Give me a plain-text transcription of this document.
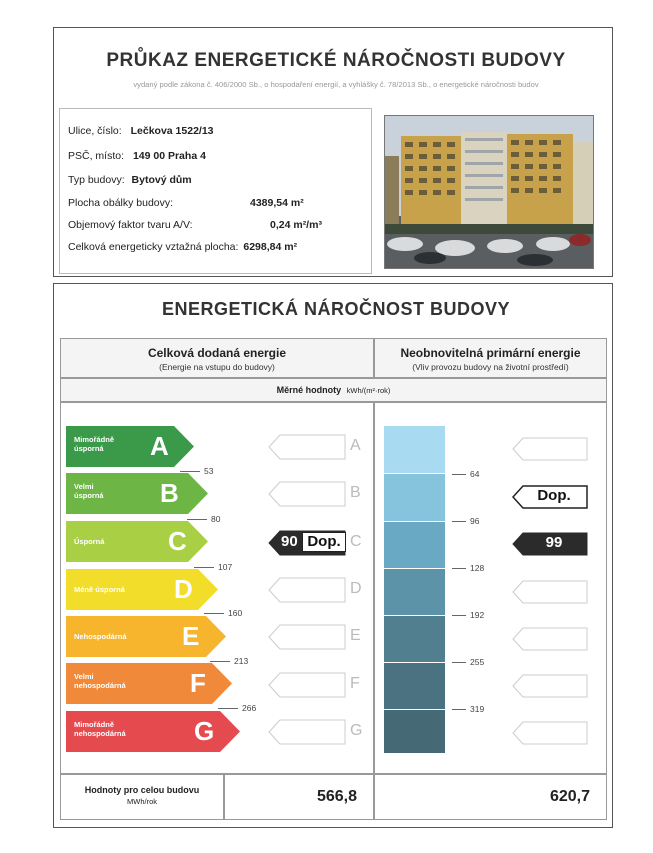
PRŮKAZ ENERGETICKÉ NÁROČNOSTI BUDOVY
vydaný podle zákona č. 406/2000 Sb., o hospodaření energií, a vyhlášky č. 78/2013 Sb., o energetické náročnosti budov
Ulice, číslo: Lečkova 1522/13
PSČ, místo: 149 00 Praha 4
Typ budovy: Bytový dům
Plocha obálky budovy:	4389,54 m²
Objemový faktor tvaru A/V:	0,24 m²/m³
Celková energeticky vztažná plocha: 6298,84 m²
ENERGETICKÁ NÁROČNOST BUDOVY
Celková dodaná energie
(Energie na vstupu do budovy)
Neobnovitelná primární energie
(Vliv provozu budovy na životní prostředí)
Měrné hodnoty kWh/(m²·rok)
Mimořádně
úsporná	A
Velmi
úsporná B
Úsporná C
Méně úsporná D
Nehospodárná E
Velmi
nehospodárná F
Mimořádně
nehospodárná	G
53
80
107
160
213
266
A
B
90 Dop. C
D
E
F
G
64
96
128
192
255
319
Dop.
99
Hodnoty pro celou budovu
MWh/rok	566,8	620,7
